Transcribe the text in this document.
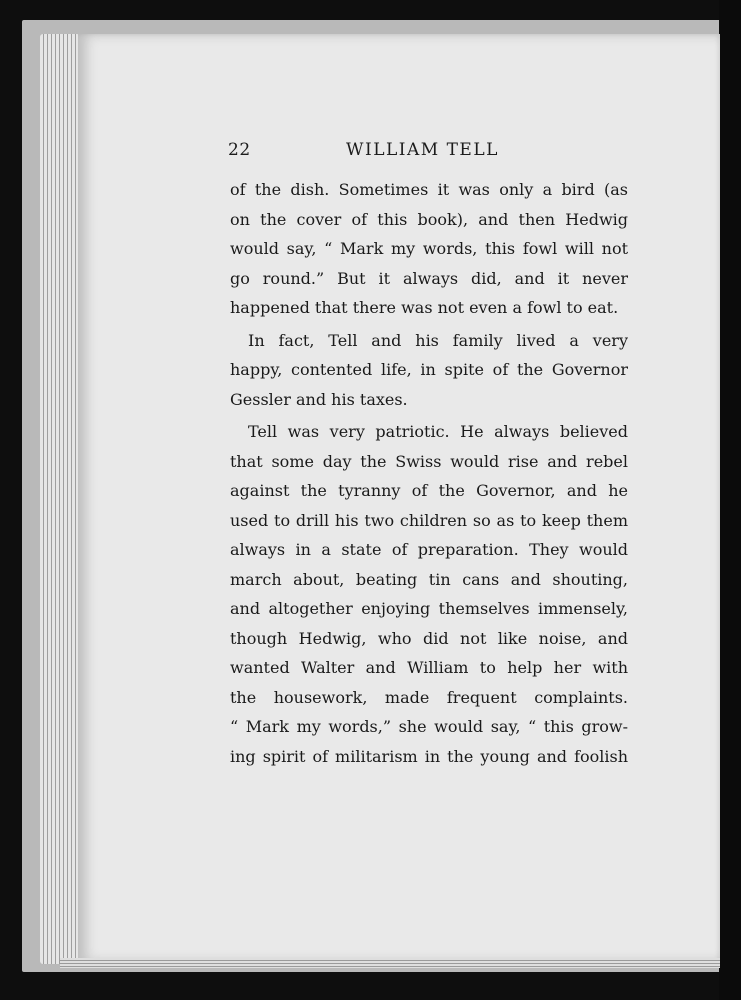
22	WILLIAM TELL
of the dish. Sometimes it was only a bird (as
on the cover of this book), and then Hedwig
would say, “ Mark my words, this fowl will not
go round.” But it always did, and it never
happened that there was not even a fowl to eat.
In fact, Tell and his family lived a very
happy, contented life, in spite of the Governor
Gessler and his taxes.
Tell was very patriotic. He always believed
that some day the Swiss would rise and rebel
against the tyranny of the Governor, and he
used to drill his two children so as to keep them
always in a state of preparation. They would
march about, beating tin cans and shouting,
and altogether enjoying themselves immensely,
though Hedwig, who did not like noise, and
wanted Walter and William to help her with
the housework, made frequent complaints.
“ Mark my words,” she would say, “ this grow-
ing spirit of militarism in the young and foolish
